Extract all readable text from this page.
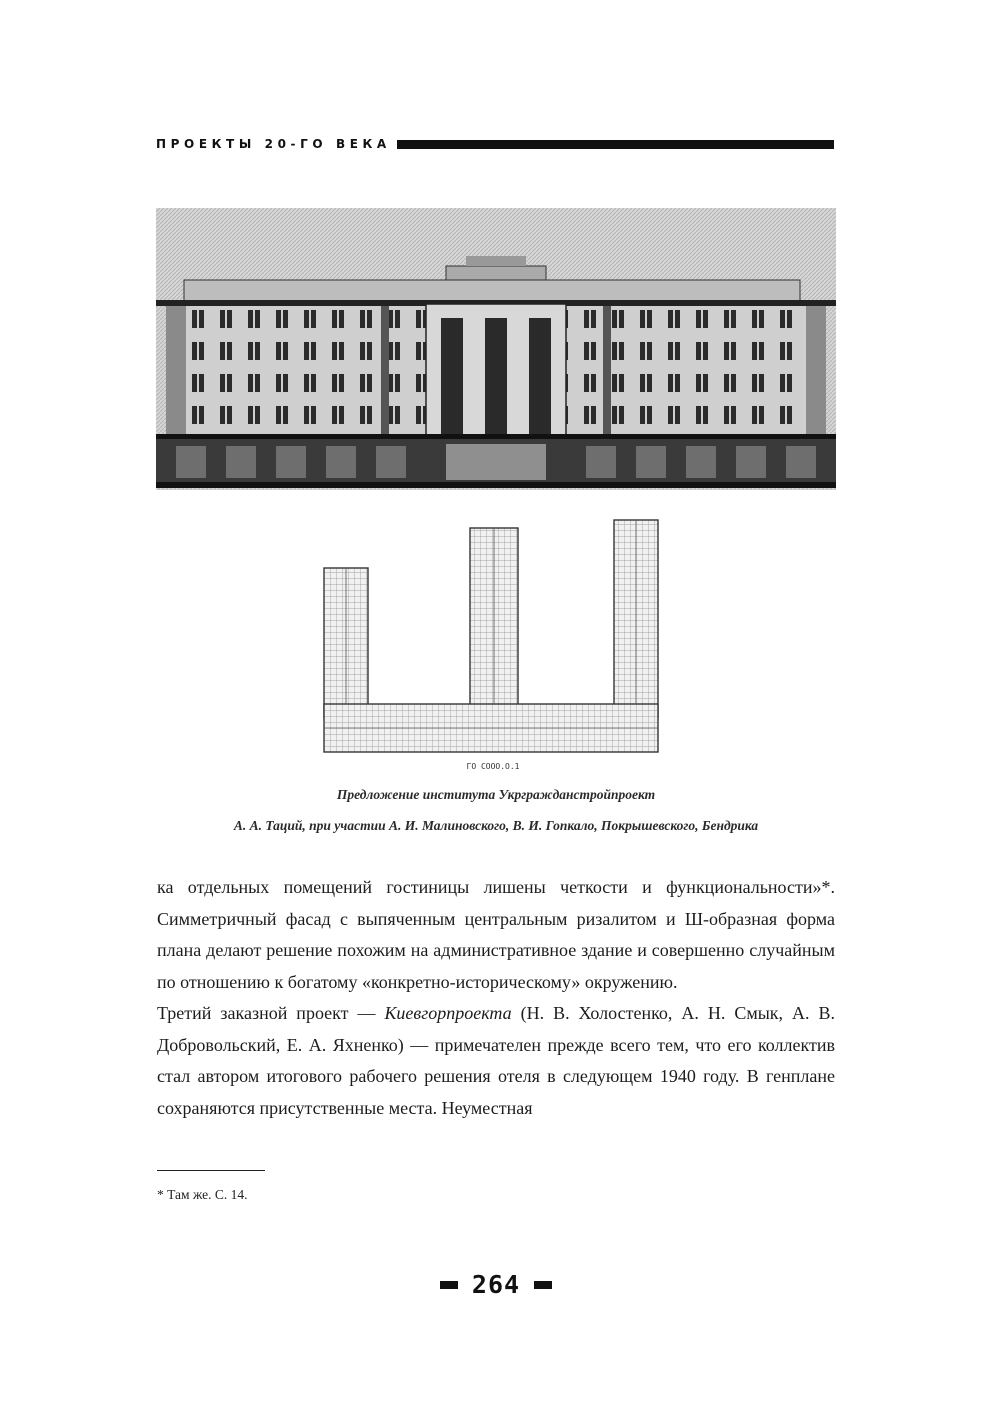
ПРОЕКТЫ 20-ГО ВЕКА
ГО СООО.О.1
Предложение института Укргражданстройпроект
А. А. Таций, при участии А. И. Малиновского, В. И. Гопкало, Покрышевского, Бендрика

ка отдельных помещений гостиницы лишены четкости и функциональности»*. Симметричный фасад с выпяченным центральным ризалитом и Ш-образная форма плана делают решение похожим на административное здание и совершенно случайным по отношению к богатому «конкретно-историческому» окружению.

Третий заказной проект — Киевгорпроекта (Н. В. Холостенко, А. Н. Смык, А. В. Добровольский, Е. А. Яхненко) — примечателен прежде всего тем, что его коллектив стал автором итогового рабочего решения отеля в следующем 1940 году. В генплане сохраняются присутственные места. Неуместная

* Там же. С. 14.
264
